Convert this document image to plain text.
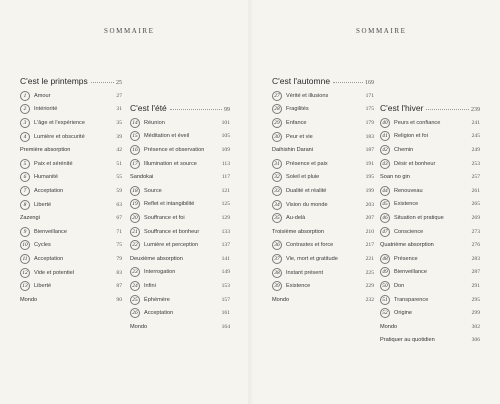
SOMMAIRE	SOMMAIRE
C'est le printemps	25
1	Amour	27
2	Intériorité	31
3	L'âge et l'expérience	35
4	Lumière et obscurité	39
Première absorption	42
5	Paix et sérénité	51
6	Humanité	55
7	Acceptation	59
8	Liberté	63
Zazengi	67
9	Bienveillance	71
10	Cycles	75
11	Acceptation	79
12	Vide et potentiel	83
13	Liberté	87
Mondo	90
C'est l'été	99
14	Réunion	101
15	Méditation et éveil	105
16	Présence et observation	109
17	Illumination et source	113
Sandokai	117
18	Source	121
19	Reflet et intangibilité	125
20	Souffrance et foi	129
21	Souffrance et bonheur	133
22	Lumière et perception	137
Deuxième absorption	141
23	Interrogation	149
24	Infini	153
25	Éphémère	157
26	Acceptation	161
Mondo	164
C'est l'automne	169
27	Vérité et illusions	171
28	Fragilités	175
29	Enfance	179
30	Peur et vie	183
Daihishin Darani	187
31	Présence et paix	191
32	Soleil et pluie	195
33	Dualité et réalité	199
34	Vision du monde	203
35	Au-delà	207
Troisième absorption	210
36	Contrastes et force	217
37	Vie, mort et gratitude	221
38	Instant présent	225
39	Existence	229
Mondo	232
C'est l'hiver	239
40	Peurs et confiance	241
41	Religion et foi	245
42	Chemin	249
43	Désir et bonheur	253
Soan no gin	257
44	Renouveau	261
45	Existence	265
46	Situation et pratique	269
47	Conscience	273
Quatrième absorption	276
48	Présence	283
49	Bienveillance	287
50	Don	291
51	Transparence	295
52	Origine	299
Mondo	302
Pratiquer au quotidien	306
